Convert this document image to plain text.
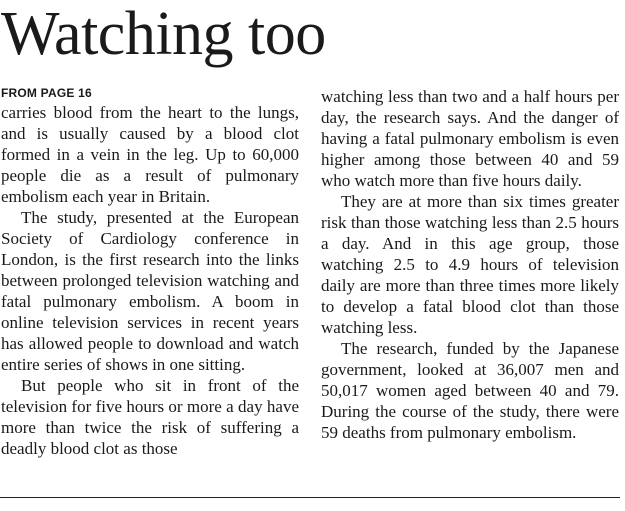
Watching too
FROM PAGE 16
carries blood from the heart to the lungs, and is usually caused by a blood clot formed in a vein in the leg. Up to 60,000 people die as a result of pulmonary embolism each year in Britain.
The study, presented at the European Society of Cardiology conference in London, is the first research into the links between prolonged television watching and fatal pulmonary embolism. A boom in online television services in recent years has allowed people to download and watch entire series of shows in one sitting.
But people who sit in front of the television for five hours or more a day have more than twice the risk of suffering a deadly blood clot as those
watching less than two and a half hours per day, the research says. And the danger of having a fatal pulmonary embolism is even higher among those between 40 and 59 who watch more than five hours daily.
They are at more than six times greater risk than those watching less than 2.5 hours a day. And in this age group, those watching 2.5 to 4.9 hours of television daily are more than three times more likely to develop a fatal blood clot than those watching less.
The research, funded by the Japanese government, looked at 36,007 men and 50,017 women aged between 40 and 79. During the course of the study, there were 59 deaths from pulmonary embolism.
